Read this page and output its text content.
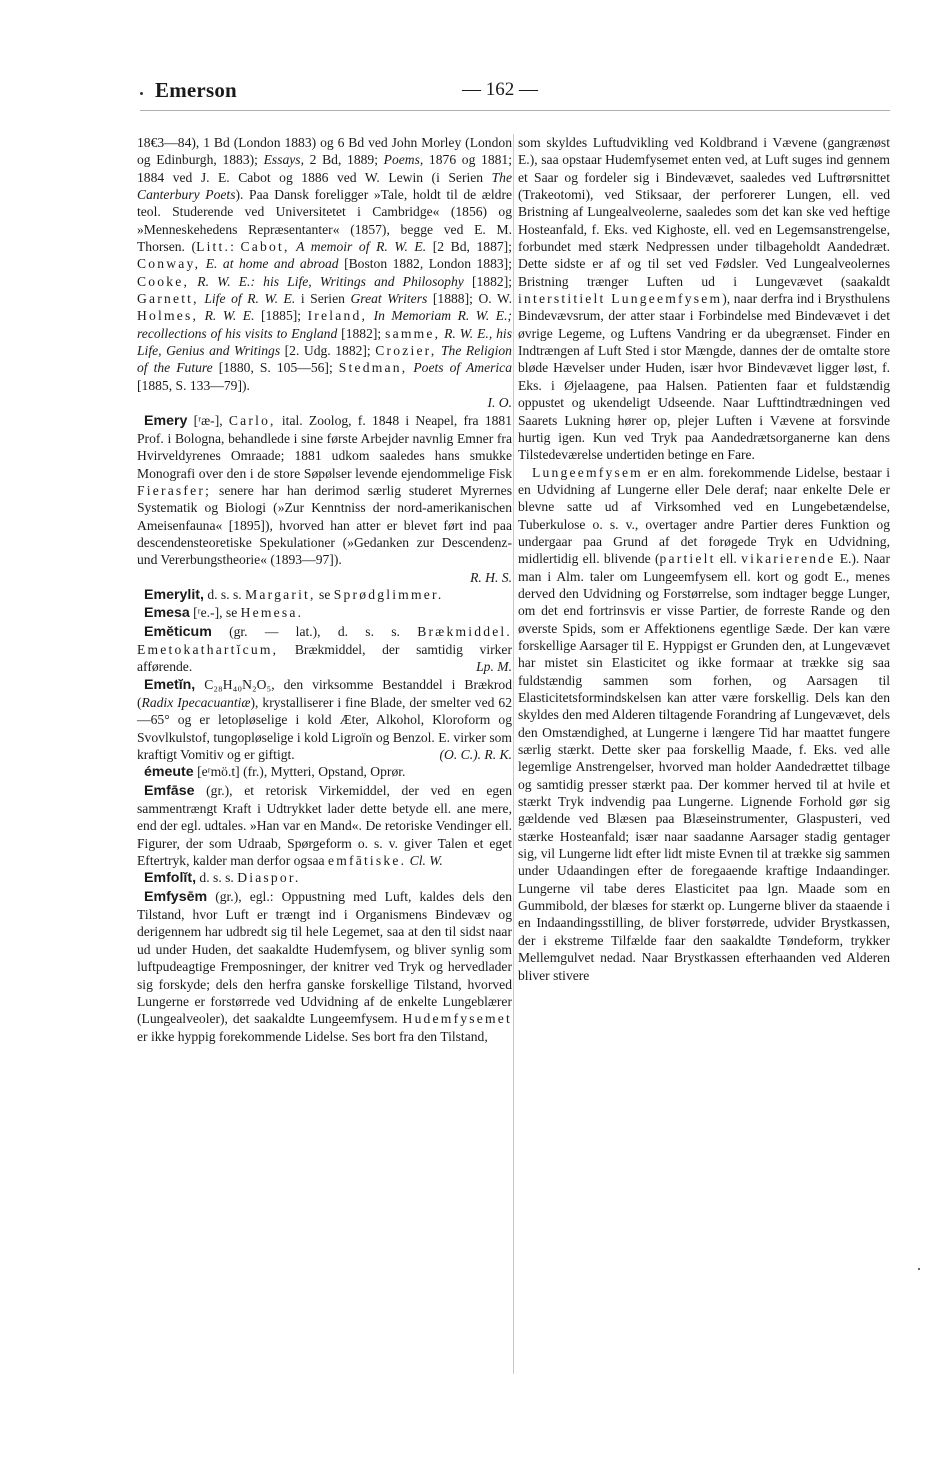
Emerson	— 162 —

18€3—84), 1 Bd (London 1883) og 6 Bd ved John Morley (London og Edinburgh, 1883); Essays, 2 Bd, 1889; Poems, 1876 og 1881; 1884 ved J. E. Cabot og 1886 ved W. Lewin (i Serien The Canterbury Poets). Paa Dansk foreligger »Tale, holdt til de ældre teol. Studerende ved Universitetet i Cambridge« (1856) og »Menneskehedens Repræsentanter« (1857), begge ved E. M. Thorsen. (Litt.: Cabot, A memoir of R. W. E. [2 Bd, 1887]; Conway, E. at home and abroad [Boston 1882, London 1883]; Cooke, R. W. E.: his Life, Writings and Philosophy [1882]; Garnett, Life of R. W. E. i Serien Great Writers [1888]; O. W. Holmes, R. W. E. [1885]; Ireland, In Memoriam R. W. E.; recollections of his visits to England [1882]; samme, R. W. E., his Life, Genius and Writings [2. Udg. 1882]; Crozier, The Religion of the Future [1880, S. 105—56]; Stedman, Poets of America [1885, S. 133—79]).
I. O.

Emery [ʳæ-], Carlo, ital. Zoolog, f. 1848 i Neapel, fra 1881 Prof. i Bologna, behandlede i sine første Arbejder navnlig Emner fra Hvirveldyrenes Omraade; 1881 udkom saaledes hans smukke Monografi over den i de store Søpølser levende ejendommelige Fisk Fierasfer; senere har han derimod særlig studeret Myrernes Systematik og Biologi (»Zur Kenntniss der nord-amerikanischen Ameisenfauna« [1895]), hvorved han atter er blevet ført ind paa descendensteoretiske Spekulationer (»Gedanken zur Descendenz- und Vererbungstheorie« (1893—97]).
R. H. S.

Emerylit, d. s. s. Margarit, se Sprødglimmer.

Emesa [ʳe.-], se Hemesa.

Emĕticum (gr. — lat.), d. s. s. Brækmiddel. Emetokathartĭcum, Brækmiddel, der samtidig virker afførende.	Lp. M.

Emetĭn, C₂₈H₄₀N₂O₅, den virksomme Bestanddel i Brækrod (Radix Ipecacuantiæ), krystalliserer i fine Blade, der smelter ved 62—65° og er letopløselige i kold Æter, Alkohol, Kloroform og Svovlkulstof, tungopløselige i kold Ligroïn og Benzol. E. virker som kraftigt Vomitiv og er giftigt.	(O. C.). R. K.

émeute [eʳmö.t] (fr.), Mytteri, Opstand, Oprør.

Emfāse (gr.), et retorisk Virkemiddel, der ved en egen sammentrængt Kraft i Udtrykket lader dette betyde ell. ane mere, end der egl. udtales. »Han var en Mand«. De retoriske Vendinger ell. Figurer, der som Udraab, Spørgeform o. s. v. giver Talen et eget Eftertryk, kalder man derfor ogsaa emfātiske. Cl. W.

Emfolĭt, d. s. s. Diaspor.

Emfysēm (gr.), egl.: Oppustning med Luft, kaldes dels den Tilstand, hvor Luft er trængt ind i Organismens Bindevæv og derigennem har udbredt sig til hele Legemet, saa at den til sidst naar ud under Huden, det saakaldte Hudemfysem, og bliver synlig som luftpudeagtige Fremposninger, der knitrer ved Tryk og hervedlader sig forskyde; dels den herfra ganske forskellige Tilstand, hvorved Lungerne er forstørrede ved Udvidning af de enkelte Lungeblærer (Lungealveoler), det saakaldte Lungeemfysem. Hudemfysemet er ikke hyppig forekommende Lidelse. Ses bort fra den Tilstand,

som skyldes Luftudvikling ved Koldbrand i Vævene (gangrænøst E.), saa opstaar Hudemfysemet enten ved, at Luft suges ind gennem et Saar og fordeler sig i Bindevævet, saaledes ved Luftrørsnittet (Trakeotomi), ved Stiksaar, der perforerer Lungen, ell. ved Bristning af Lungealveolerne, saaledes som det kan ske ved heftige Hosteanfald, f. Eks. ved Kighoste, ell. ved en Legemsanstrengelse, forbundet med stærk Nedpressen under tilbageholdt Aandedræt. Dette sidste er af og til set ved Fødsler. Ved Lungealveolernes Bristning trænger Luften ud i Lungevævet (saakaldt interstitielt Lungeemfysem), naar derfra ind i Brysthulens Bindevævsrum, der atter staar i Forbindelse med Bindevævet i det øvrige Legeme, og Luftens Vandring er da ubegrænset. Finder en Indtrængen af Luft Sted i stor Mængde, dannes der de omtalte store bløde Hævelser under Huden, især hvor Bindevævet ligger løst, f. Eks. i Øjelaagene, paa Halsen. Patienten faar et fuldstændig oppustet og ukendeligt Udseende. Naar Lufttindtrædningen ved Saarets Lukning hører op, plejer Luften i Vævene at forsvinde hurtig igen. Kun ved Tryk paa Aandedrætsorganerne kan dens Tilstedeværelse undertiden betinge en Fare.

Lungeemfysem er en alm. forekommende Lidelse, bestaar i en Udvidning af Lungerne eller Dele deraf; naar enkelte Dele er blevne satte ud af Virksomhed ved en Lungebetændelse, Tuberkulose o. s. v., overtager andre Partier deres Funktion og undergaar paa Grund af det forøgede Tryk en Udvidning, midlertidig ell. blivende (partielt ell. vikarierende E.). Naar man i Alm. taler om Lungeemfysem ell. kort og godt E., menes derved den Udvidning og Forstørrelse, som indtager begge Lunger, om det end fortrinsvis er visse Partier, de forreste Rande og den øverste Spids, som er Affektionens egentlige Sæde. Der kan være forskellige Aarsager til E. Hyppigst er Grunden den, at Lungevævet har mistet sin Elasticitet og ikke formaar at trække sig saa fuldstændig sammen som forhen, og Aarsagen til Elasticitetsformindskelsen kan atter være forskellig. Dels kan den skyldes den med Alderen tiltagende Forandring af Lungevævet, dels den Omstændighed, at Lungerne i længere Tid har maattet fungere særlig stærkt. Dette sker paa forskellig Maade, f. Eks. ved alle legemlige Anstrengelser, hvorved man holder Aandedrættet tilbage og samtidig presser stærkt paa. Der kommer herved til at hvile et stærkt Tryk indvendig paa Lungerne. Lignende Forhold gør sig gældende ved Blæsen paa Blæseinstrumenter, Glaspusteri, ved stærke Hosteanfald; især naar saadanne Aarsager stadig gentager sig, vil Lungerne lidt efter lidt miste Evnen til at trække sig sammen under Udaandingen efter de foregaaende kraftige Indaandinger. Lungerne vil tabe deres Elasticitet paa lgn. Maade som en Gummibold, der blæses for stærkt op. Lungerne bliver da staaende i en Indaandingsstilling, de bliver forstørrede, udvider Brystkassen, der i ekstreme Tilfælde faar den saakaldte Tøndeform, trykker Mellemgulvet nedad. Naar Brystkassen efterhaanden ved Alderen bliver stivere
